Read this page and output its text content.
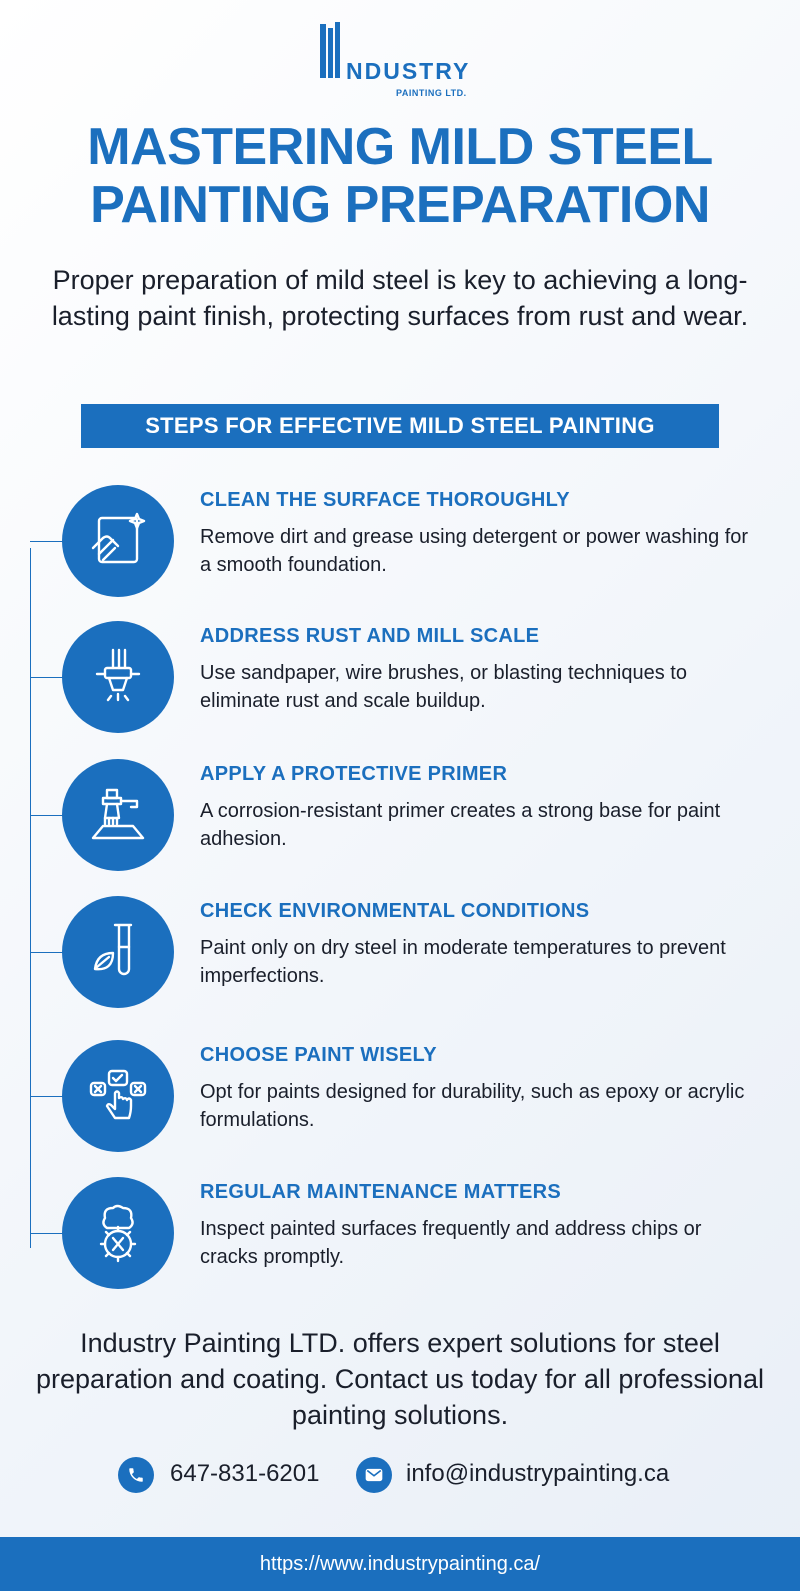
NDUSTRY
PAINTING LTD.
MASTERING MILD STEEL
PAINTING PREPARATION

Proper preparation of mild steel is key to achieving a long-lasting paint finish, protecting surfaces from rust and wear.

STEPS FOR EFFECTIVE MILD STEEL PAINTING
CLEAN THE SURFACE THOROUGHLY
Remove dirt and grease using detergent or power washing for a smooth foundation.
ADDRESS RUST AND MILL SCALE
Use sandpaper, wire brushes, or blasting techniques to eliminate rust and scale buildup.
APPLY A PROTECTIVE PRIMER
A corrosion-resistant primer creates a strong base for paint adhesion.
CHECK ENVIRONMENTAL CONDITIONS
Paint only on dry steel in moderate temperatures to prevent imperfections.
CHOOSE PAINT WISELY
Opt for paints designed for durability, such as epoxy or acrylic formulations.
REGULAR MAINTENANCE MATTERS
Inspect painted surfaces frequently and address chips or cracks promptly.

Industry Painting LTD. offers expert solutions for steel preparation and coating. Contact us today for all professional painting solutions.

647-831-6201	info@industrypainting.ca
https://www.industrypainting.ca/
